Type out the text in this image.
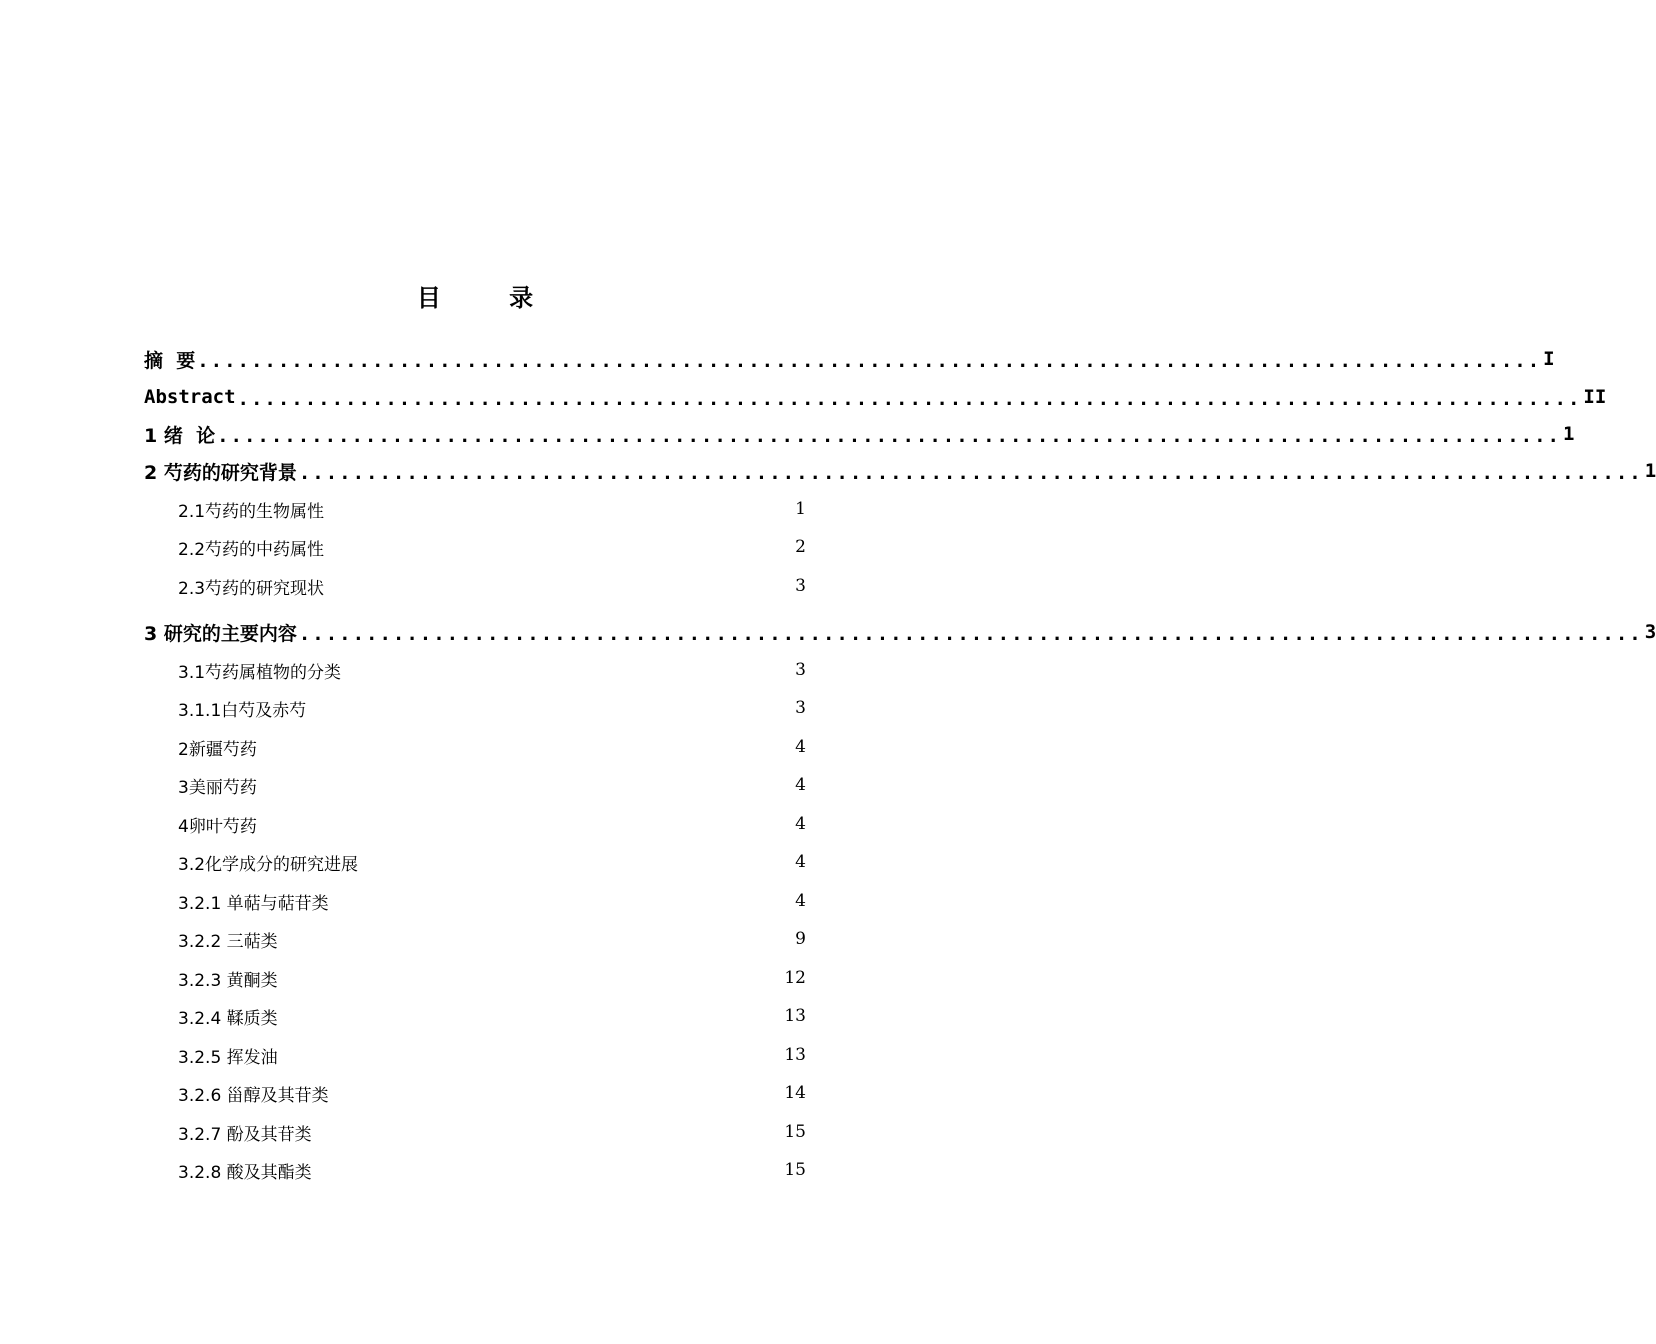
目 录
摘  要 .................................................................................................... I
Abstract .................................................................................................... II
1 绪  论 .................................................................................................... 1
2 芍药的研究背景 .................................................................................................... 1
2.1芍药的生物属性	1
2.2芍药的中药属性	2
2.3芍药的研究现状	3
3 研究的主要内容 .................................................................................................... 3
3.1芍药属植物的分类	3
3.1.1白芍及赤芍	3
2新疆芍药	4
3美丽芍药	4
4卵叶芍药	4
3.2化学成分的研究进展	4
3.2.1 单萜与萜苷类	4
3.2.2 三萜类	9
3.2.3 黄酮类	12
3.2.4 鞣质类	13
3.2.5 挥发油	13
3.2.6 甾醇及其苷类	14
3.2.7 酚及其苷类	15
3.2.8 酸及其酯类	15
